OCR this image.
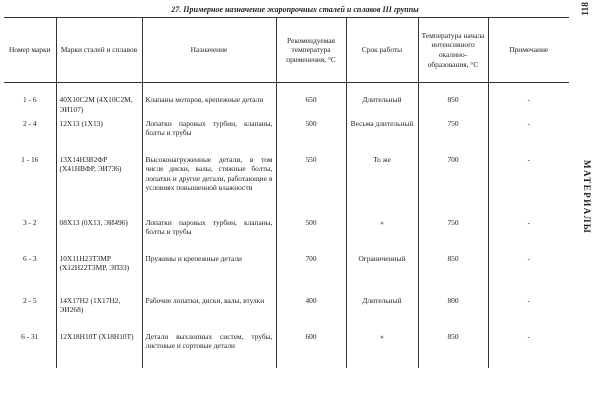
27. Примерное назначение жаропрочных сталей и сплавов III группы	118
МАТЕРИАЛЫ
Номер марки	Марки сталей и сплавов	Назначение	Рекомендуемая температура применения, °С	Срок работы	Температура начала интенсивного окалино-образования, °С	Примечание
1 - 6	40Х10С2М (4Х10С2М, ЭИ107)	Клапаны моторов, крепежные детали	650	Длительный	850	-
2 - 4	12Х13 (1Х13)	Лопатки паровых турбин, клапаны, болты и трубы	500	Весьма длительный	750	-
1 - 16	13Х14Н3В2ФР (Х41НВФР, ЭИ736)	Высоконагруженные детали, в том числе диски, валы, стяжные болты, лопатки и другие детали, работающие в условиях повышенной влажности	550	То же	700	-
3 - 2	08Х13 (0Х13, ЭИ496)	Лопатки паровых турбин, клапаны, болты и трубы	500	»	750	-
6 - 3	10Х11Н23Т3МР (Х12Н22Т3МР, ЭП33)	Пружины и крепежные детали	700	Ограниченный	850	-
2 - 5	14Х17Н2 (1Х17Н2, ЭИ268)	Рабочие лопатки, диски, валы, втулки	400	Длительный	800	-
6 - 31	12Х18Н10Т (Х18Н10Т)	Детали выхлопных систем, трубы, листовые и сортовые детали	600	»	850	-
